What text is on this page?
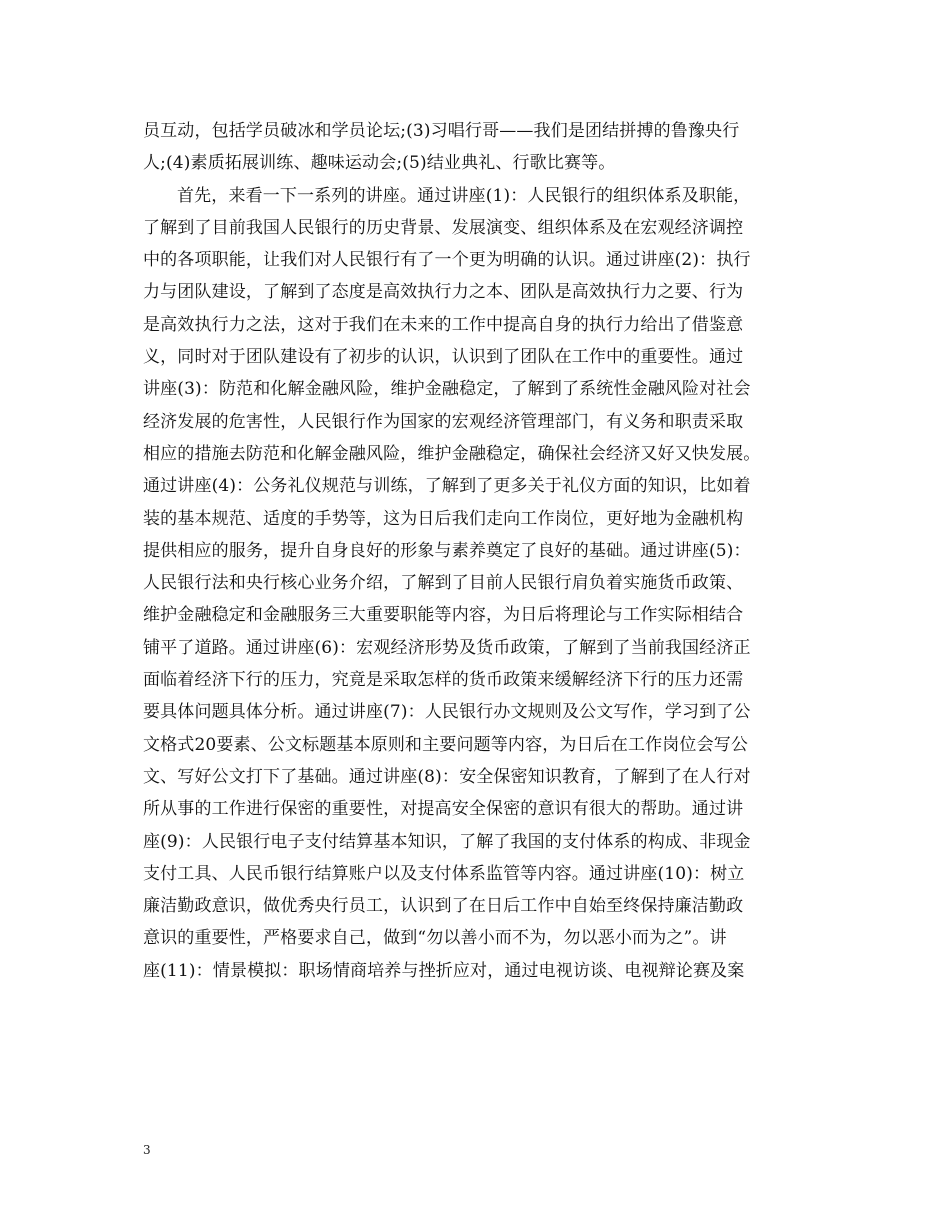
员互动，包括学员破冰和学员论坛;(3)习唱行哥——我们是团结拼搏的鲁豫央行
人;(4)素质拓展训练、趣味运动会;(5)结业典礼、行歌比赛等。
首先，来看一下一系列的讲座。通过讲座(1)：人民银行的组织体系及职能，
了解到了目前我国人民银行的历史背景、发展演变、组织体系及在宏观经济调控
中的各项职能，让我们对人民银行有了一个更为明确的认识。通过讲座(2)：执行
力与团队建设，了解到了态度是高效执行力之本、团队是高效执行力之要、行为
是高效执行力之法，这对于我们在未来的工作中提高自身的执行力给出了借鉴意
义，同时对于团队建设有了初步的认识，认识到了团队在工作中的重要性。通过
讲座(3)：防范和化解金融风险，维护金融稳定，了解到了系统性金融风险对社会
经济发展的危害性，人民银行作为国家的宏观经济管理部门，有义务和职责采取
相应的措施去防范和化解金融风险，维护金融稳定，确保社会经济又好又快发展。
通过讲座(4)：公务礼仪规范与训练，了解到了更多关于礼仪方面的知识，比如着
装的基本规范、适度的手势等，这为日后我们走向工作岗位，更好地为金融机构
提供相应的服务，提升自身良好的形象与素养奠定了良好的基础。通过讲座(5)：
人民银行法和央行核心业务介绍，了解到了目前人民银行肩负着实施货币政策、
维护金融稳定和金融服务三大重要职能等内容，为日后将理论与工作实际相结合
铺平了道路。通过讲座(6)：宏观经济形势及货币政策，了解到了当前我国经济正
面临着经济下行的压力，究竟是采取怎样的货币政策来缓解经济下行的压力还需
要具体问题具体分析。通过讲座(7)：人民银行办文规则及公文写作，学习到了公
文格式20要素、公文标题基本原则和主要问题等内容，为日后在工作岗位会写公
文、写好公文打下了基础。通过讲座(8)：安全保密知识教育，了解到了在人行对
所从事的工作进行保密的重要性，对提高安全保密的意识有很大的帮助。通过讲
座(9)：人民银行电子支付结算基本知识，了解了我国的支付体系的构成、非现金
支付工具、人民币银行结算账户以及支付体系监管等内容。通过讲座(10)：树立
廉洁勤政意识，做优秀央行员工，认识到了在日后工作中自始至终保持廉洁勤政
意识的重要性，严格要求自己，做到“勿以善小而不为，勿以恶小而为之”。讲
座(11)：情景模拟：职场情商培养与挫折应对，通过电视访谈、电视辩论赛及案
3
